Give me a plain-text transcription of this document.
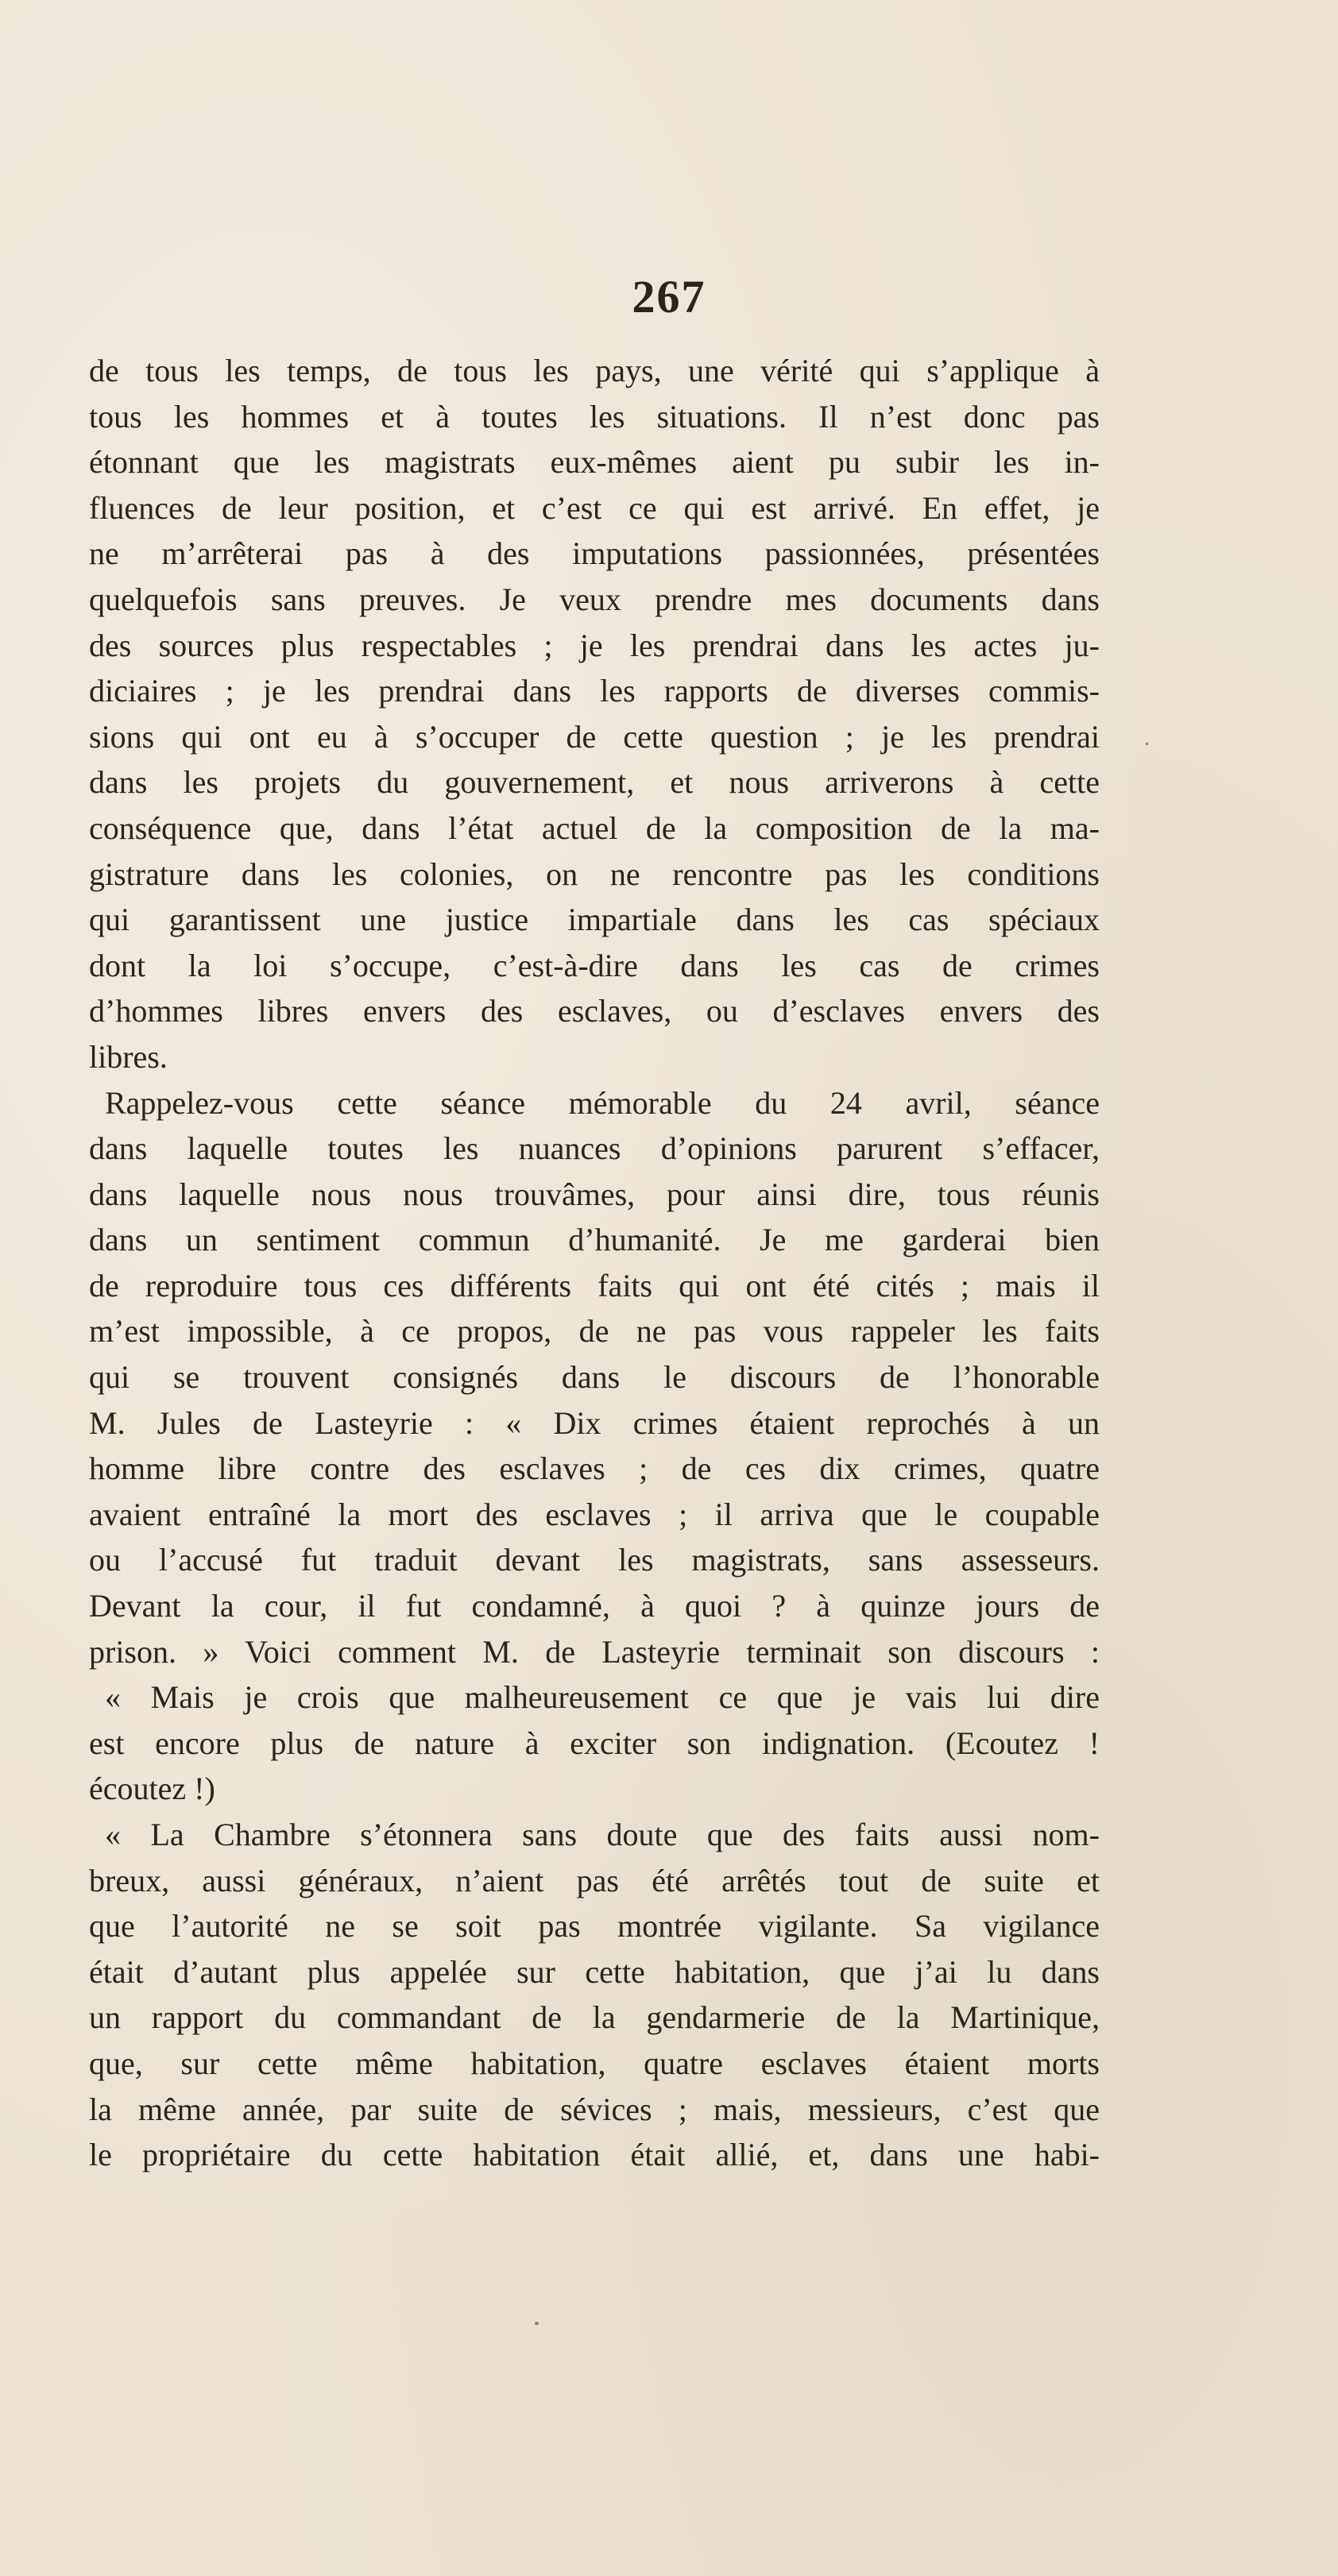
267
de tous les temps, de tous les pays, une vérité qui s’applique à
tous les hommes et à toutes les situations. Il n’est donc pas
étonnant que les magistrats eux-mêmes aient pu subir les in-
fluences de leur position, et c’est ce qui est arrivé. En effet, je
ne m’arrêterai pas à des imputations passionnées, présentées
quelquefois sans preuves. Je veux prendre mes documents dans
des sources plus respectables ; je les prendrai dans les actes ju-
diciaires ; je les prendrai dans les rapports de diverses commis-
sions qui ont eu à s’occuper de cette question ; je les prendrai
dans les projets du gouvernement, et nous arriverons à cette
conséquence que, dans l’état actuel de la composition de la ma-
gistrature dans les colonies, on ne rencontre pas les conditions
qui garantissent une justice impartiale dans les cas spéciaux
dont la loi s’occupe, c’est-à-dire dans les cas de crimes
d’hommes libres envers des esclaves, ou d’esclaves envers des
libres.
Rappelez-vous cette séance mémorable du 24 avril, séance
dans laquelle toutes les nuances d’opinions parurent s’effacer,
dans laquelle nous nous trouvâmes, pour ainsi dire, tous réunis
dans un sentiment commun d’humanité. Je me garderai bien
de reproduire tous ces différents faits qui ont été cités ; mais il
m’est impossible, à ce propos, de ne pas vous rappeler les faits
qui se trouvent consignés dans le discours de l’honorable
M. Jules de Lasteyrie : « Dix crimes étaient reprochés à un
homme libre contre des esclaves ; de ces dix crimes, quatre
avaient entraîné la mort des esclaves ; il arriva que le coupable
ou l’accusé fut traduit devant les magistrats, sans assesseurs.
Devant la cour, il fut condamné, à quoi ? à quinze jours de
prison. » Voici comment M. de Lasteyrie terminait son discours :
« Mais je crois que malheureusement ce que je vais lui dire
est encore plus de nature à exciter son indignation. (Ecoutez !
écoutez !)
« La Chambre s’étonnera sans doute que des faits aussi nom-
breux, aussi généraux, n’aient pas été arrêtés tout de suite et
que l’autorité ne se soit pas montrée vigilante. Sa vigilance
était d’autant plus appelée sur cette habitation, que j’ai lu dans
un rapport du commandant de la gendarmerie de la Martinique,
que, sur cette même habitation, quatre esclaves étaient morts
la même année, par suite de sévices ; mais, messieurs, c’est que
le propriétaire du cette habitation était allié, et, dans une habi-
